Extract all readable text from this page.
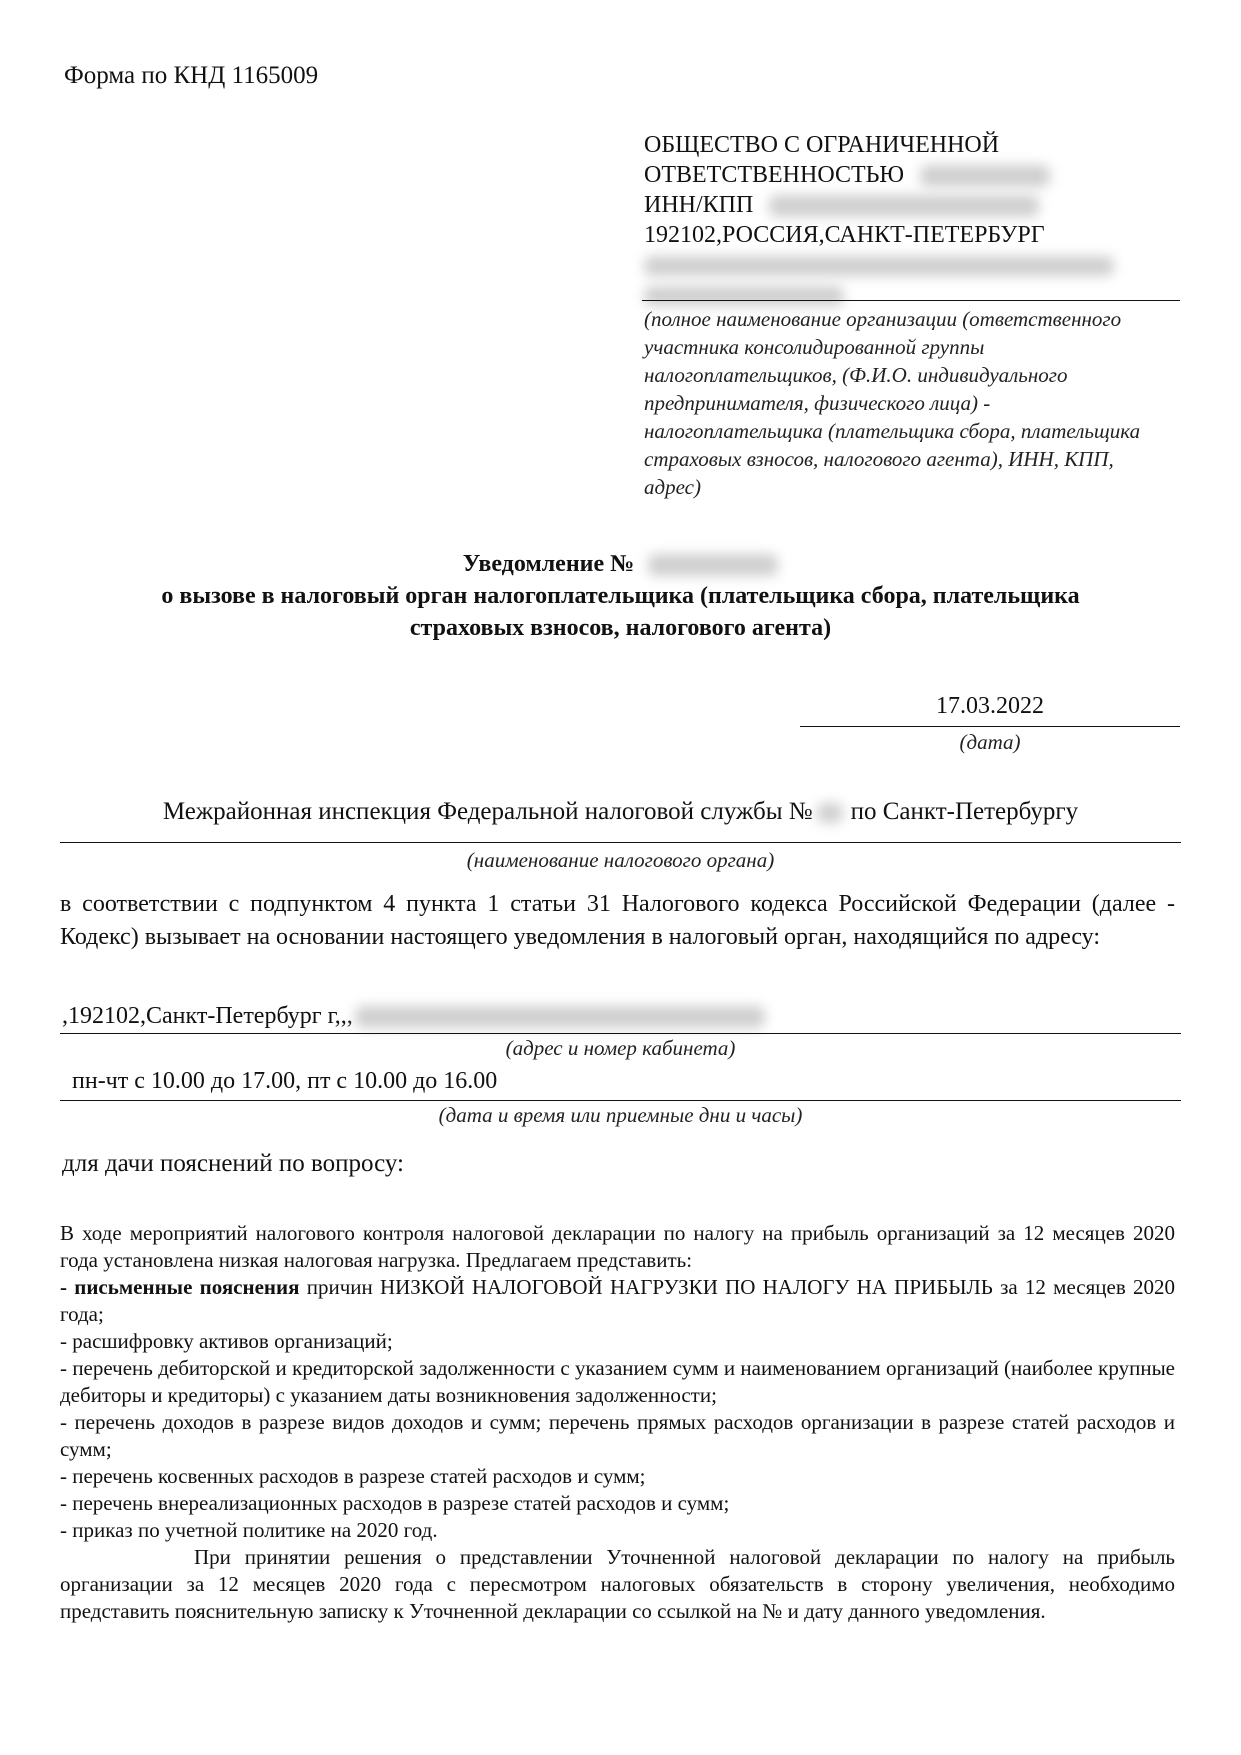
Форма по КНД 1165009
ОБЩЕСТВО С ОГРАНИЧЕННОЙ
ОТВЕТСТВЕННОСТЬЮ
ИНН/КПП
192102,РОССИЯ,САНКТ-ПЕТЕРБУРГ
(полное наименование организации (ответственного участника консолидированной группы налогоплательщиков, (Ф.И.О. индивидуального предпринимателя, физического лица) - налогоплательщика (плательщика сбора, плательщика страховых взносов, налогового агента), ИНН, КПП, адрес)
Уведомление №
о вызове в налоговый орган налогоплательщика (плательщика сбора, плательщика
страховых взносов, налогового агента)
17.03.2022
(дата)
Межрайонная инспекция Федеральной налоговой службы № по Санкт-Петербургу
(наименование налогового органа)
в соответствии с подпунктом 4 пункта 1 статьи 31 Налогового кодекса Российской Федерации (далее - Кодекс) вызывает на основании настоящего уведомления в налоговый орган, находящийся по адресу:
,192102,Санкт-Петербург г,,,
(адрес и номер кабинета)
пн-чт с 10.00 до 17.00, пт с 10.00 до 16.00
(дата и время или приемные дни и часы)
для дачи пояснений по вопросу:
В ходе мероприятий налогового контроля налоговой декларации по налогу на прибыль организаций за 12 месяцев 2020 года установлена низкая налоговая нагрузка. Предлагаем представить:
- письменные пояснения причин НИЗКОЙ НАЛОГОВОЙ НАГРУЗКИ ПО НАЛОГУ НА ПРИБЫЛЬ за 12 месяцев 2020 года;
- расшифровку активов организаций;
- перечень дебиторской и кредиторской задолженности с указанием сумм и наименованием организаций (наиболее крупные дебиторы и кредиторы) с указанием даты возникновения задолженности;
- перечень доходов в разрезе видов доходов и сумм; перечень прямых расходов организации в разрезе статей расходов и сумм;
- перечень косвенных расходов в разрезе статей расходов и сумм;
- перечень внереализационных расходов в разрезе статей расходов и сумм;
- приказ по учетной политике на 2020 год.
При принятии решения о представлении Уточненной налоговой декларации по налогу на прибыль организации за 12 месяцев 2020 года с пересмотром налоговых обязательств в сторону увеличения, необходимо представить пояснительную записку к Уточненной декларации со ссылкой на № и дату данного уведомления.
